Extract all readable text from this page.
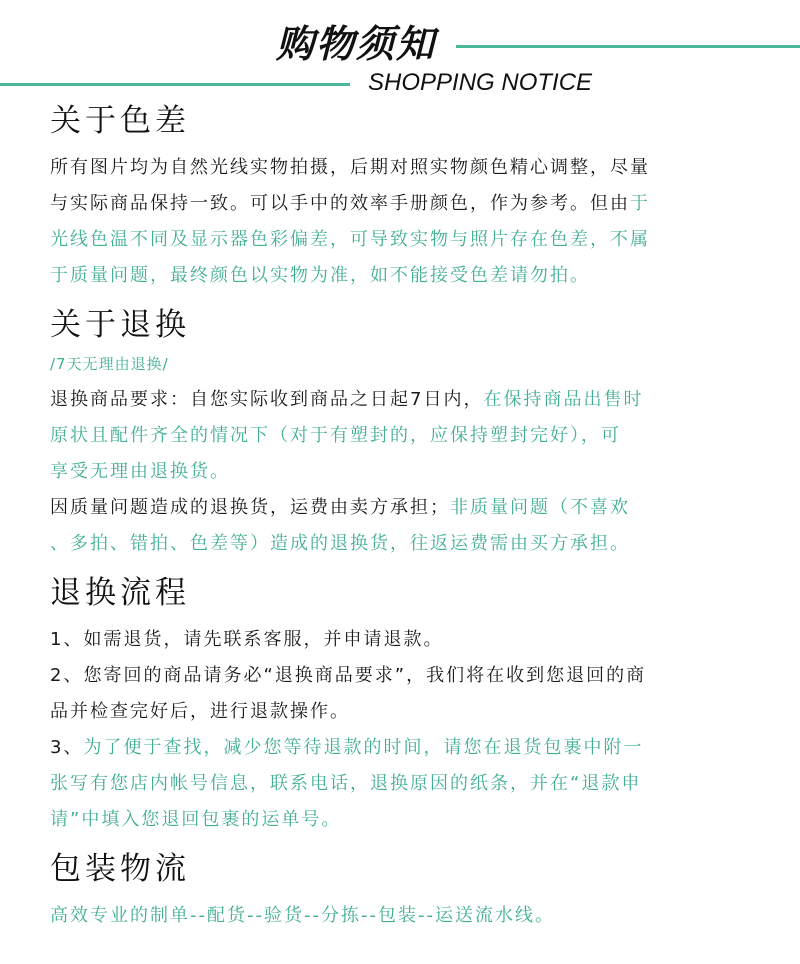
购物须知
SHOPPING NOTICE
关于色差

所有图片均为自然光线实物拍摄，后期对照实物颜色精心调整，尽量

与实际商品保持一致。可以手中的效率手册颜色，作为参考。但由于

光线色温不同及显示器色彩偏差，可导致实物与照片存在色差，不属

于质量问题，最终颜色以实物为准，如不能接受色差请勿拍。

关于退换

/7天无理由退换/

退换商品要求：自您实际收到商品之日起7日内，在保持商品出售时

原状且配件齐全的情况下（对于有塑封的，应保持塑封完好），可

享受无理由退换货。

因质量问题造成的退换货，运费由卖方承担；非质量问题（不喜欢

、多拍、错拍、色差等）造成的退换货，往返运费需由买方承担。

退换流程

1、如需退货，请先联系客服，并申请退款。

2、您寄回的商品请务必“退换商品要求”，我们将在收到您退回的商

品并检查完好后，进行退款操作。

3、为了便于查找，减少您等待退款的时间，请您在退货包裹中附一

张写有您店内帐号信息，联系电话，退换原因的纸条，并在“退款申

请”中填入您退回包裹的运单号。

包装物流

高效专业的制单--配货--验货--分拣--包装--运送流水线。
